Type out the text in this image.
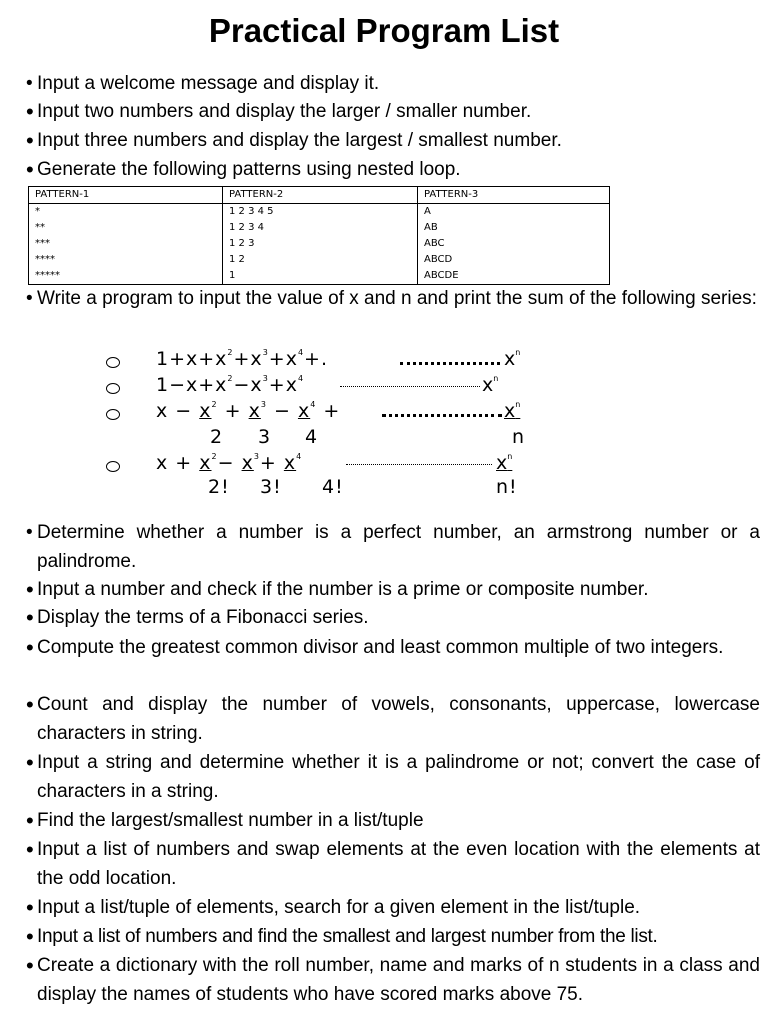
Practical Program List
• Input a welcome message and display it.
• Input two numbers and display the larger / smaller number.
• Input three numbers and display the largest / smallest number.
• Generate the following patterns using nested loop.
PATTERN-1	PATTERN-2	PATTERN-3
*	1 2 3 4 5	A
**	1 2 3 4	AB
***	1 2 3	ABC
****	1 2	ABCD
*****	1	ABCDE
• Write a program to input the value of x and n and print the sum of the following series:
$1+x+x^2+x^3+x^4+$.	$x^n$
$1-x+x^2-x^3+x^4$	$x^n$
$x - x^2 + x^3 - x^4$ +	$x^n$
2 3 4	n
$x + x^2- x^3+ x^4$	$x^n$
2! 3! 4!	n!
• Determine whether a number is a perfect number, an armstrong number or a palindrome.
• Input a number and check if the number is a prime or composite number.
• Display the terms of a Fibonacci series.
• Compute the greatest common divisor and least common multiple of two integers.
• Count and display the number of vowels, consonants, uppercase, lowercase characters in string.
• Input a string and determine whether it is a palindrome or not; convert the case of characters in a string.
• Find the largest/smallest number in a list/tuple
• Input a list of numbers and swap elements at the even location with the elements at the odd location.
• Input a list/tuple of elements, search for a given element in the list/tuple.
• Input a list of numbers and find the smallest and largest number from the list.
• Create a dictionary with the roll number, name and marks of n students in a class and display the names of students who have scored marks above 75.
